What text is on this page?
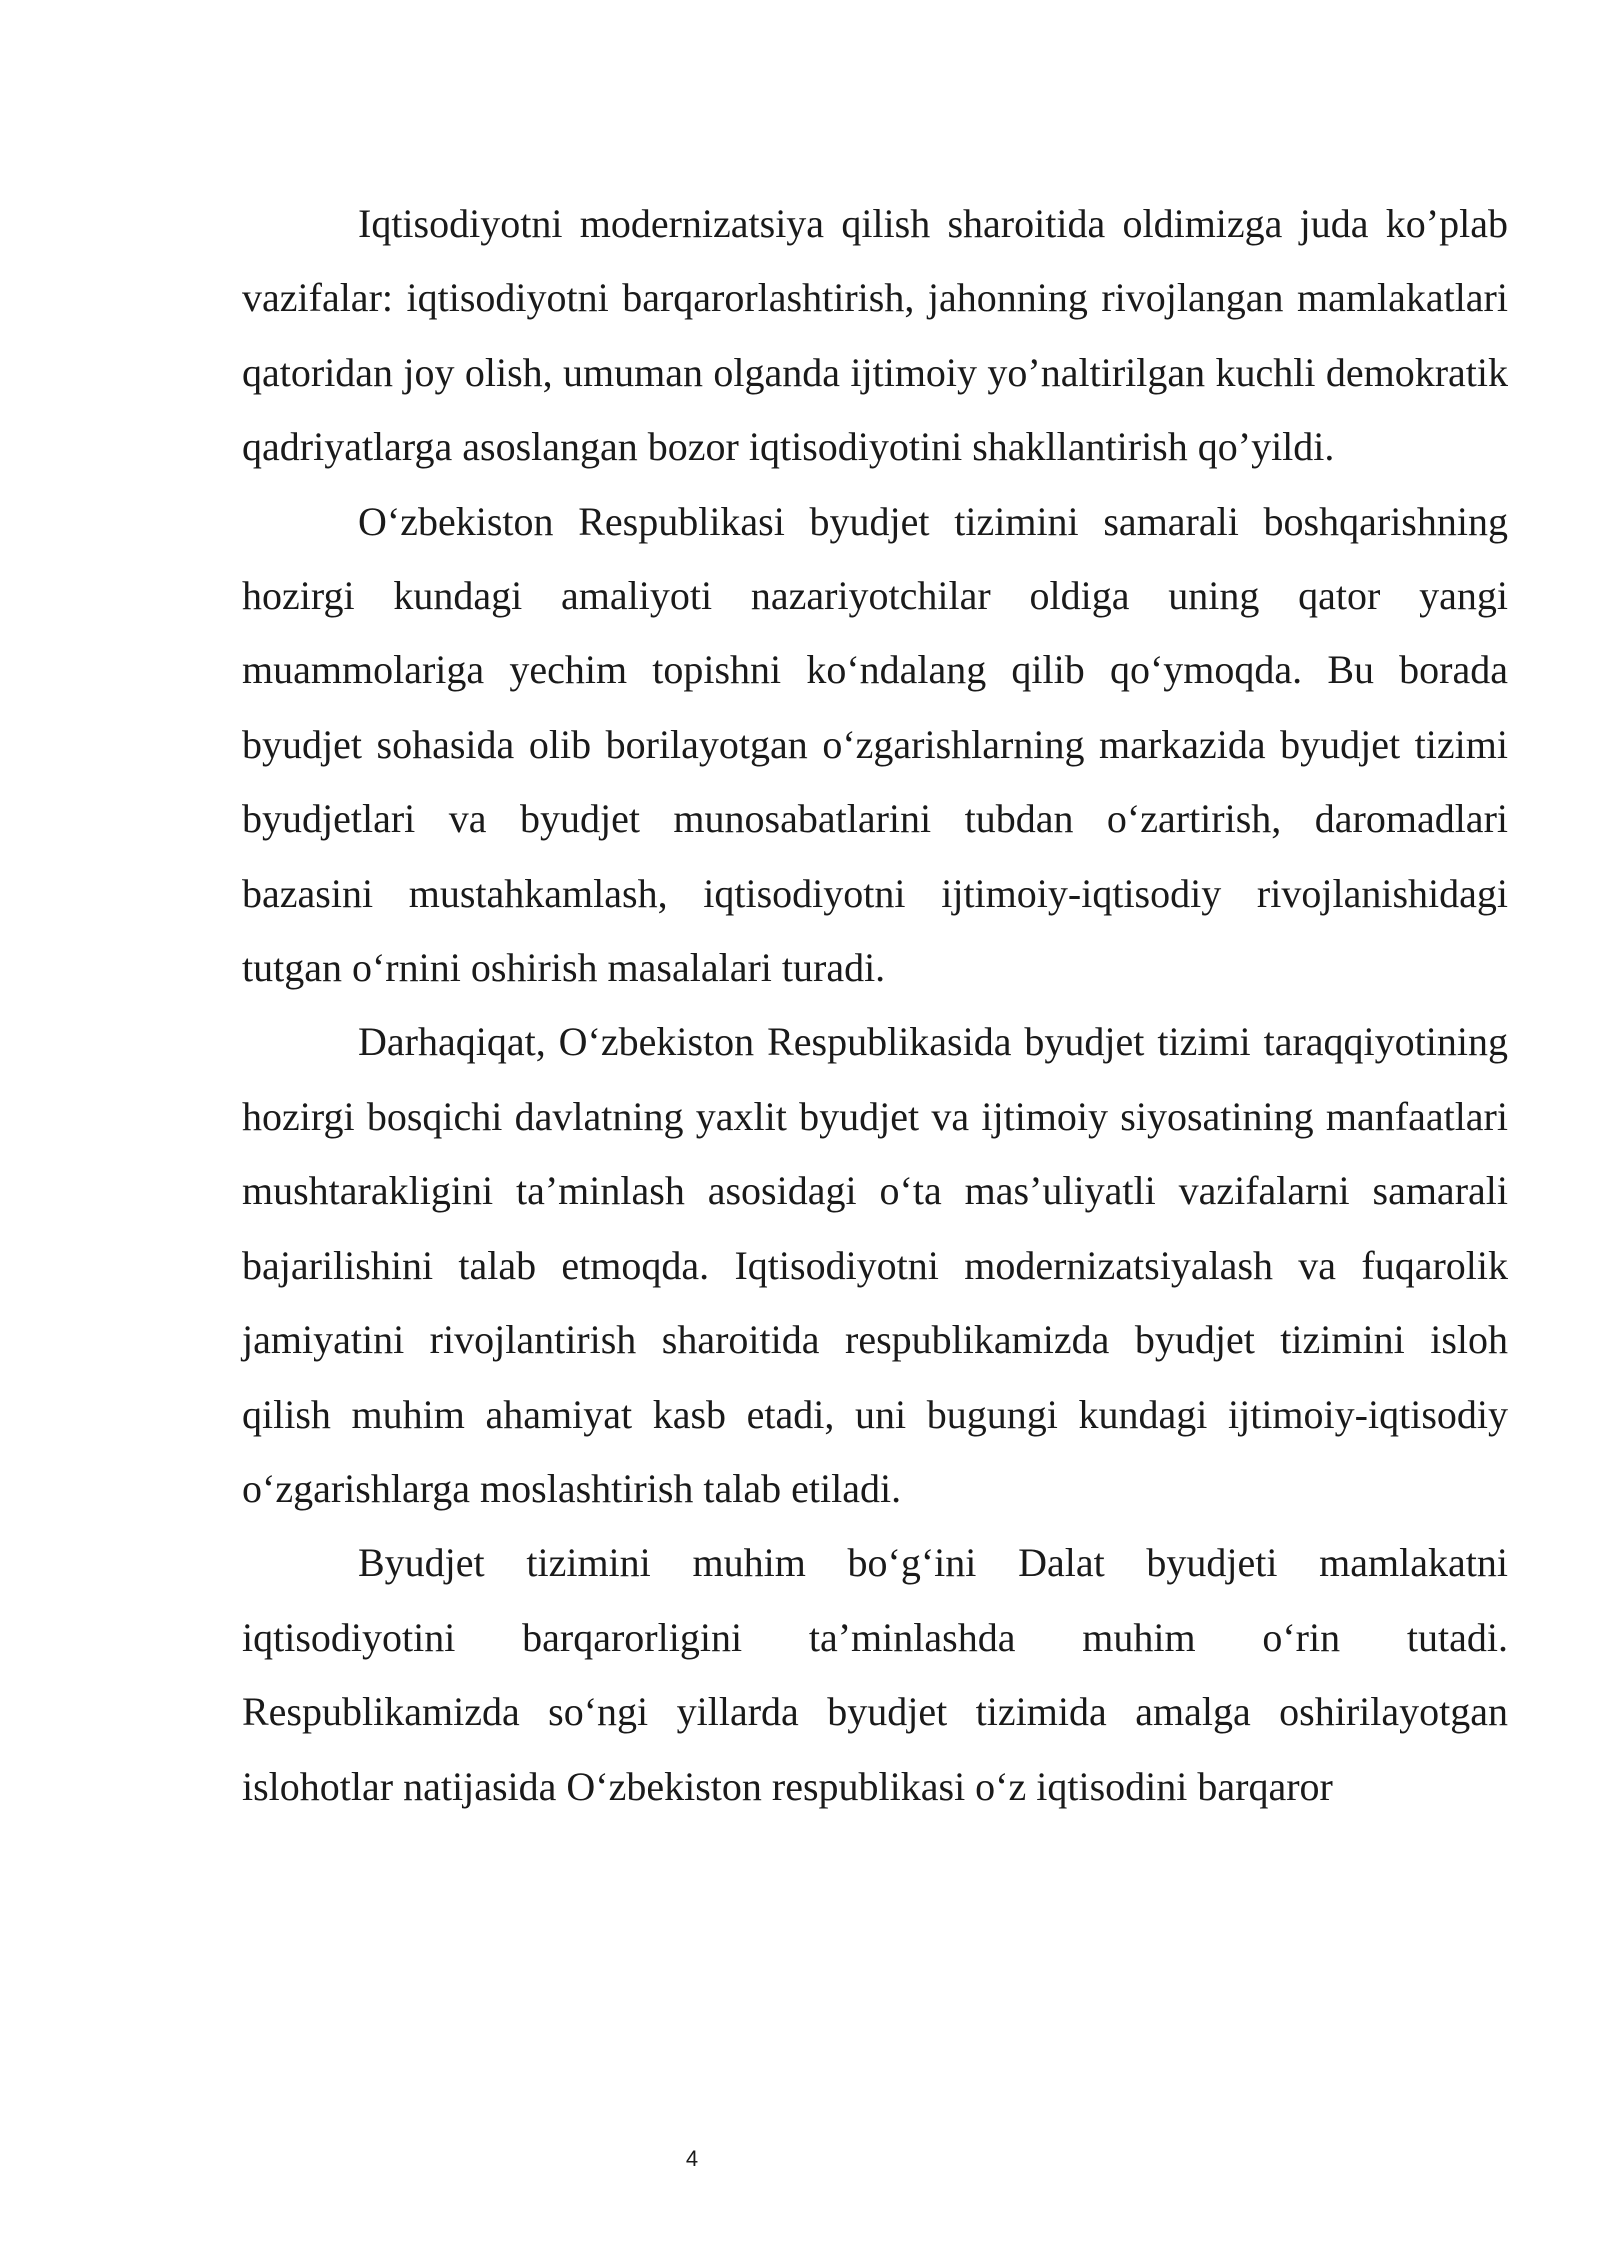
Iqtisodiyotni modernizatsiya qilish sharoitida oldimizga juda ko’plab vazifalar: iqtisodiyotni barqarorlashtirish, jahonning rivojlangan mamlakatlari qatoridan joy olish, umuman olganda ijtimoiy yo’naltirilgan kuchli demokratik qadriyatlarga asoslangan bozor iqtisodiyotini shakllantirish qo’yildi.

O‘zbekiston Respublikasi byudjet tizimini samarali boshqarishning hozirgi kundagi amaliyoti nazariyotchilar oldiga uning qator yangi muammolariga yechim topishni ko‘ndalang qilib qo‘ymoqda. Bu borada byudjet sohasida olib borilayotgan o‘zgarishlarning markazida byudjet tizimi byudjetlari va byudjet munosabatlarini tubdan o‘zartirish, daromadlari bazasini mustahkamlash, iqtisodiyotni ijtimoiy-iqtisodiy rivojlanishidagi tutgan o‘rnini oshirish masalalari turadi.

Darhaqiqat, O‘zbekiston Respublikasida byudjet tizimi taraqqiyotining hozirgi bosqichi davlatning yaxlit byudjet va ijtimoiy siyosatining manfaatlari mushtarakligini ta’minlash asosidagi o‘ta mas’uliyatli vazifalarni samarali bajarilishini talab etmoqda. Iqtisodiyotni modernizatsiyalash va fuqarolik jamiyatini rivojlantirish sharoitida respublikamizda byudjet tizimini isloh qilish muhim ahamiyat kasb etadi, uni bugungi kundagi ijtimoiy-iqtisodiy o‘zgarishlarga moslashtirish talab etiladi.

Byudjet tizimini muhim bo‘g‘ini Dalat byudjeti mamlakatni iqtisodiyotini barqarorligini ta’minlashda muhim o‘rin tutadi. Respublikamizda so‘ngi yillarda byudjet tizimida amalga oshirilayotgan islohotlar natijasida O‘zbekiston respublikasi o‘z iqtisodini barqaror

4
